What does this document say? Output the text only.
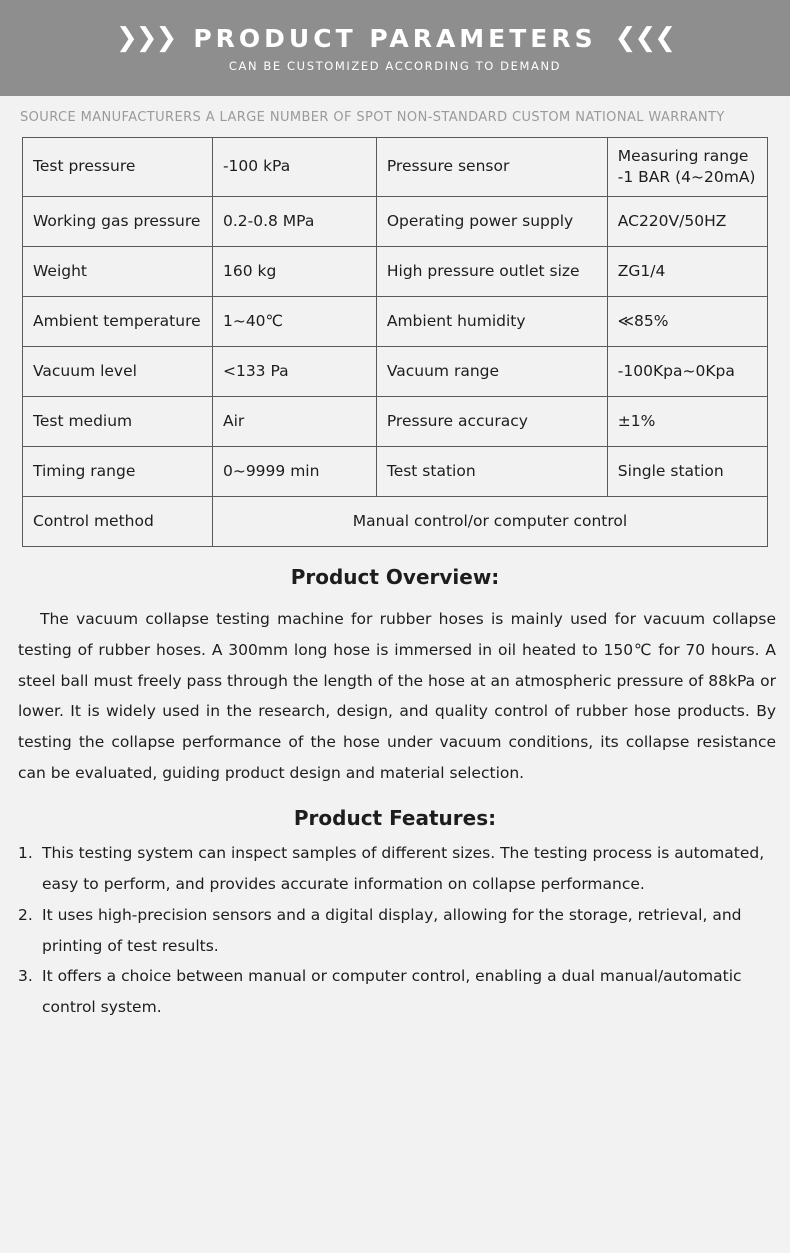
❯❯❯ PRODUCT PARAMETERS ❮❮❮
CAN BE CUSTOMIZED ACCORDING TO DEMAND
SOURCE MANUFACTURERS A LARGE NUMBER OF SPOT NON-STANDARD CUSTOM NATIONAL WARRANTY
Test pressure	-100 kPa	Pressure sensor	Measuring range -1 BAR (4~20mA)
Working gas pressure	0.2-0.8 MPa	Operating power supply	AC220V/50HZ
Weight	160 kg	High pressure outlet size	ZG1/4
Ambient temperature	1~40℃	Ambient humidity	≪85%
Vacuum level	<133 Pa	Vacuum range	-100Kpa~0Kpa
Test medium	Air	Pressure accuracy	±1%
Timing range	0~9999 min	Test station	Single station
Control method	Manual control/or computer control		
Product Overview:

The vacuum collapse testing machine for rubber hoses is mainly used for vacuum collapse testing of rubber hoses. A 300mm long hose is immersed in oil heated to 150℃ for 70 hours. A steel ball must freely pass through the length of the hose at an atmospheric pressure of 88kPa or lower. It is widely used in the research, design, and quality control of rubber hose products. By testing the collapse performance of the hose under vacuum conditions, its collapse resistance can be evaluated, guiding product design and material selection.

Product Features:
1. This testing system can inspect samples of different sizes. The testing process is automated, easy to perform, and provides accurate information on collapse performance.
2. It uses high-precision sensors and a digital display, allowing for the storage, retrieval, and printing of test results.
3. It offers a choice between manual or computer control, enabling a dual manual/automatic control system.
